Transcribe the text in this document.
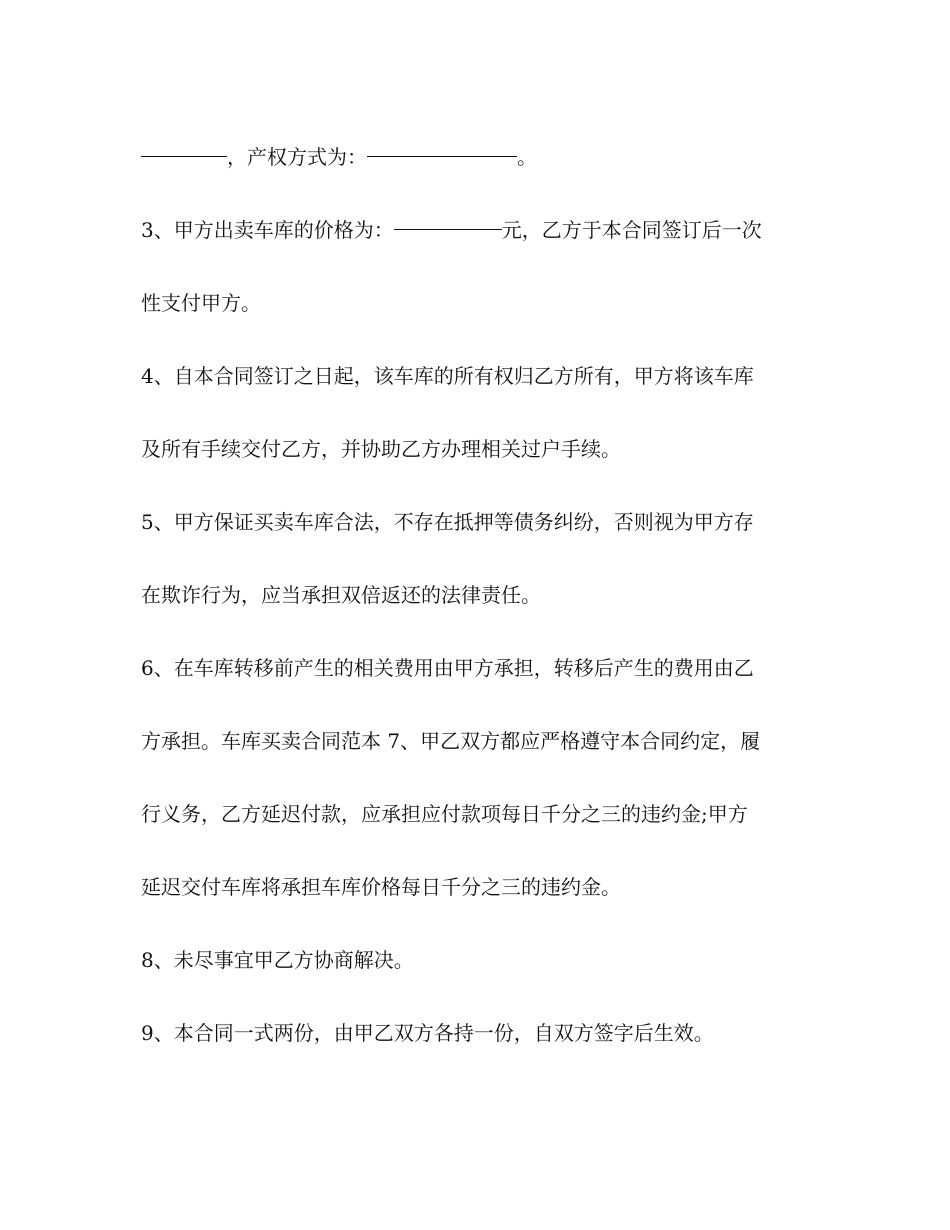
，产权方式为：	。
3、甲方出卖车库的价格为：	元，乙方于本合同签订后一次
性支付甲方。
4、自本合同签订之日起，该车库的所有权归乙方所有，甲方将该车库
及所有手续交付乙方，并协助乙方办理相关过户手续。
5、甲方保证买卖车库合法，不存在抵押等债务纠纷，否则视为甲方存
在欺诈行为，应当承担双倍返还的法律责任。
6、在车库转移前产生的相关费用由甲方承担，转移后产生的费用由乙
方承担。车库买卖合同范本 7、甲乙双方都应严格遵守本合同约定，履
行义务，乙方延迟付款，应承担应付款项每日千分之三的违约金;甲方
延迟交付车库将承担车库价格每日千分之三的违约金。
8、未尽事宜甲乙方协商解决。
9、本合同一式两份，由甲乙双方各持一份，自双方签字后生效。
